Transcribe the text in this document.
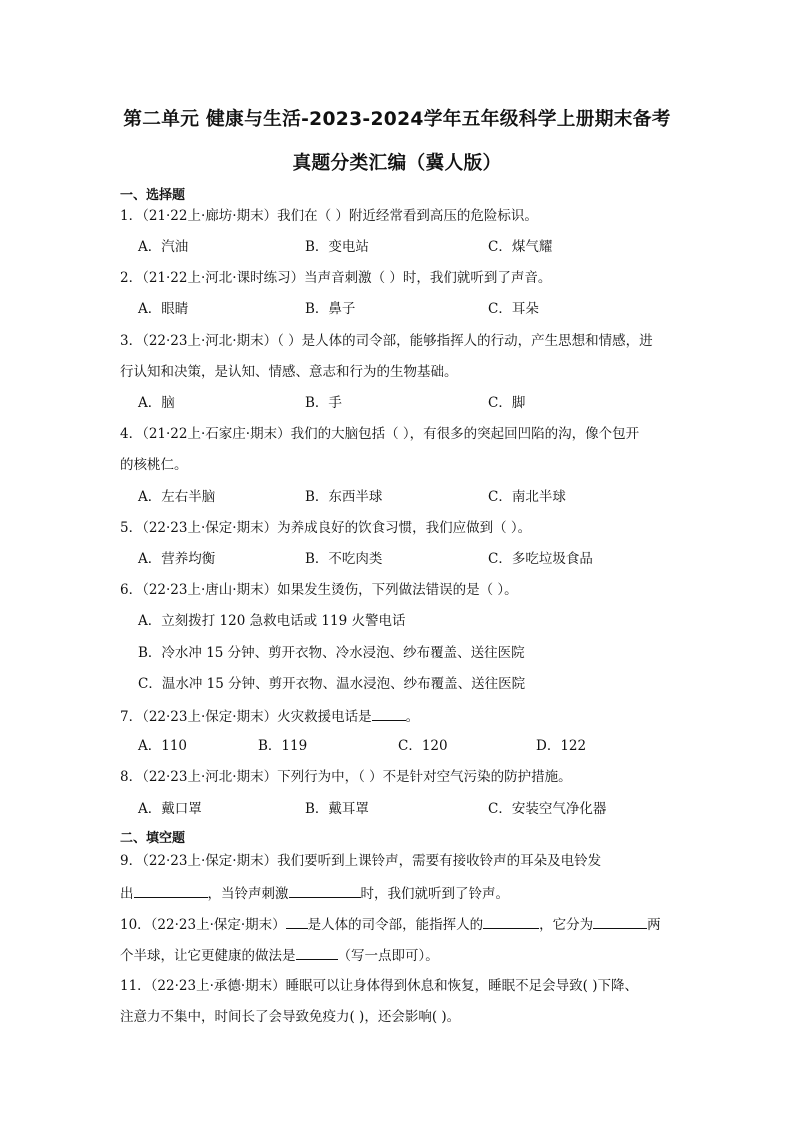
第二单元 健康与生活-2023-2024学年五年级科学上册期末备考
真题分类汇编（冀人版）
一、选择题
1．（21·22上·廊坊·期末）我们在（ ）附近经常看到高压的危险标识。
A．汽油	B．变电站	C．煤气耀
2．（21·22上·河北·课时练习）当声音刺激（ ）时，我们就听到了声音。
A．眼睛	B．鼻子	C．耳朵
3．（22·23上·河北·期末）（ ）是人体的司令部，能够指挥人的行动，产生思想和情感，进
行认知和决策，是认知、情感、意志和行为的生物基础。
A．脑	B．手	C．脚
4．（21·22上·石家庄·期末）我们的大脑包括（ ），有很多的突起回凹陷的沟，像个包开
的核桃仁。
A．左右半脑	B．东西半球	C．南北半球
5．（22·23上·保定·期末）为养成良好的饮食习惯，我们应做到（ ）。
A．营养均衡	B．不吃肉类	C．多吃垃圾食品
6．（22·23上·唐山·期末）如果发生烫伤，下列做法错误的是（ ）。
A．立刻拨打 120 急救电话或 119 火警电话
B．冷水冲 15 分钟、剪开衣物、冷水浸泡、纱布覆盖、送往医院
C．温水冲 15 分钟、剪开衣物、温水浸泡、纱布覆盖、送往医院
7．（22·23上·保定·期末）火灾救援电话是	。
A．110	B．119	C．120	D．122
8．（22·23上·河北·期末）下列行为中，（ ）不是针对空气污染的防护措施。
A．戴口罩	B．戴耳罩	C．安装空气净化器
二、填空题
9．（22·23上·保定·期末）我们要听到上课铃声，需要有接收铃声的耳朵及电铃发
出	，当铃声刺激	时，我们就听到了铃声。
10．（22·23上·保定·期末） 是人体的司令部，能指挥人的	，它分为	两
个半球，让它更健康的做法是	（写一点即可）。
11．（22·23上·承德·期末）睡眠可以让身体得到休息和恢复，睡眠不足会导致( )下降、
注意力不集中，时间长了会导致免疫力( )，还会影响( )。
